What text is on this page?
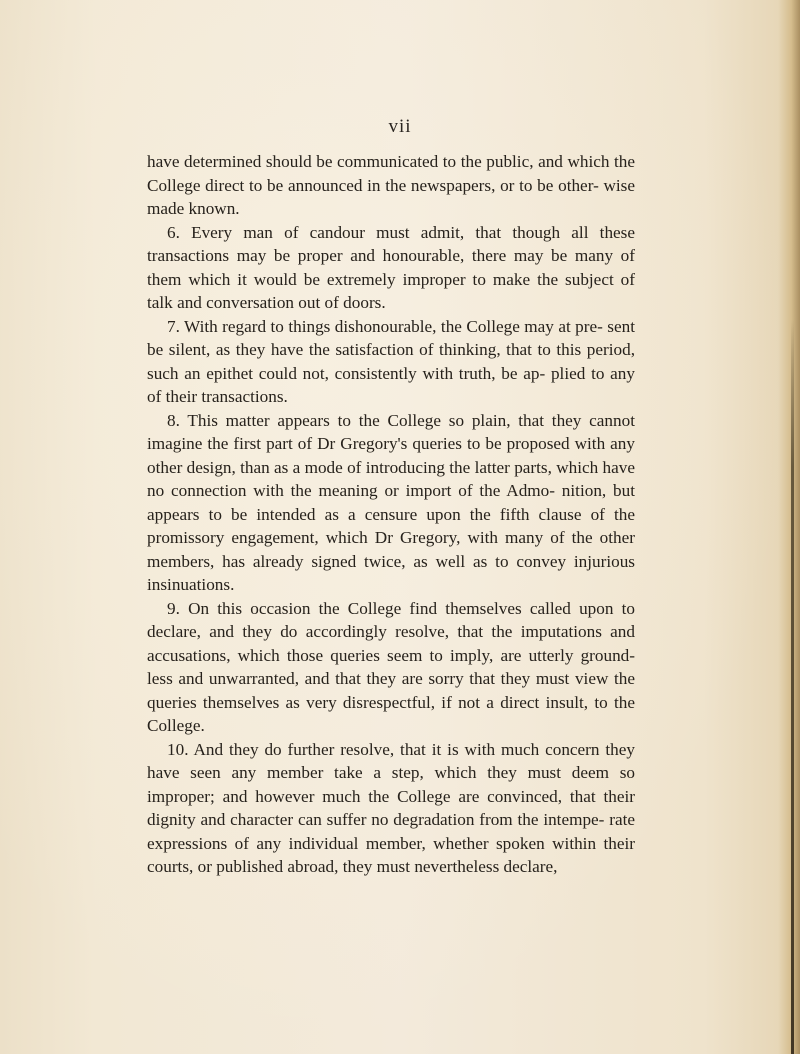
vii

have determined should be communicated to the public, and which the College direct to be announced in the newspapers, or to be other- wise made known.

6. Every man of candour must admit, that though all these transactions may be proper and honourable, there may be many of them which it would be extremely improper to make the subject of talk and conversation out of doors.

7. With regard to things dishonourable, the College may at pre- sent be silent, as they have the satisfaction of thinking, that to this period, such an epithet could not, consistently with truth, be ap- plied to any of their transactions.

8. This matter appears to the College so plain, that they cannot imagine the first part of Dr Gregory's queries to be proposed with any other design, than as a mode of introducing the latter parts, which have no connection with the meaning or import of the Admo- nition, but appears to be intended as a censure upon the fifth clause of the promissory engagement, which Dr Gregory, with many of the other members, has already signed twice, as well as to convey injurious insinuations.

9. On this occasion the College find themselves called upon to declare, and they do accordingly resolve, that the imputations and accusations, which those queries seem to imply, are utterly ground- less and unwarranted, and that they are sorry that they must view the queries themselves as very disrespectful, if not a direct insult, to the College.

10. And they do further resolve, that it is with much concern they have seen any member take a step, which they must deem so improper; and however much the College are convinced, that their dignity and character can suffer no degradation from the intempe- rate expressions of any individual member, whether spoken within their courts, or published abroad, they must nevertheless declare,
